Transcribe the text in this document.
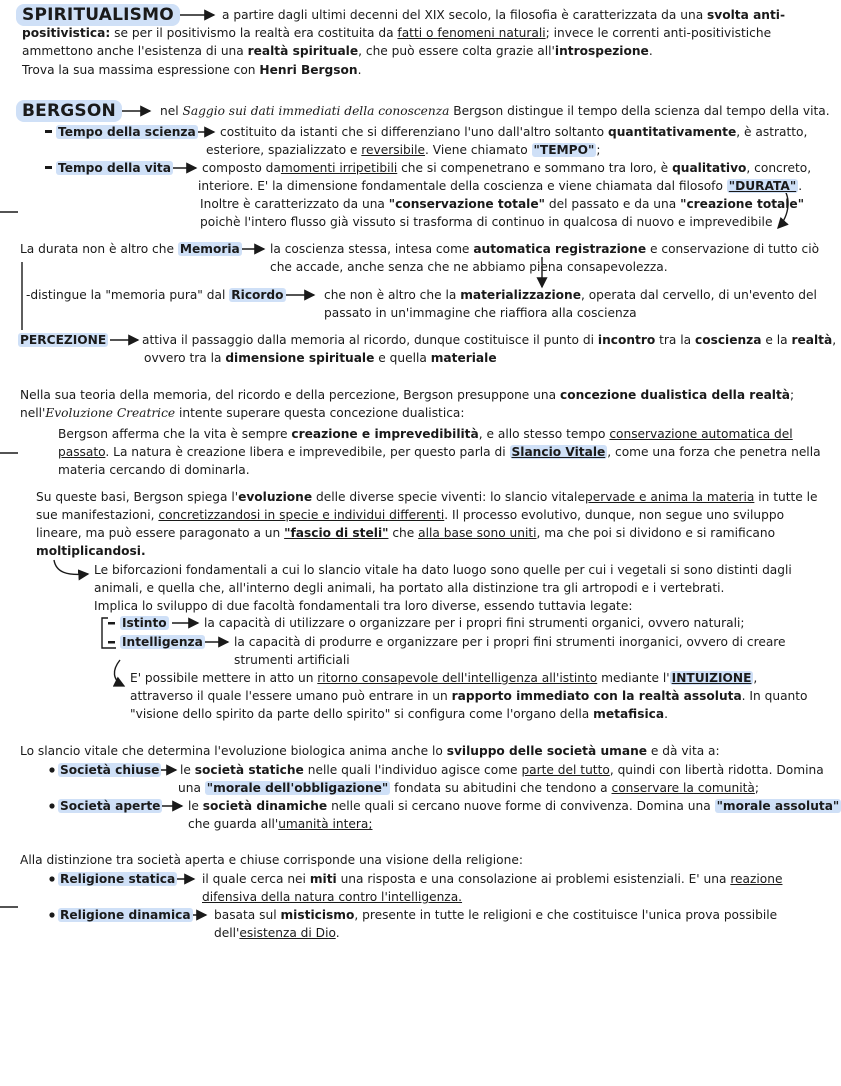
SPIRITUALISMO	a partire dagli ultimi decenni del XIX secolo, la filosofia è caratterizzata da una svolta anti-
positivistica: se per il positivismo la realtà era costituita da fatti o fenomeni naturali; invece le correnti anti-positivistiche
ammettono anche l'esistenza di una realtà spirituale, che può essere colta grazie all'introspezione.
Trova la sua massima espressione con Henri Bergson.
BERGSON	nel Saggio sui dati immediati della conoscenza Bergson distingue il tempo della scienza dal tempo della vita.
Tempo della scienza costituito da istanti che si differenziano l'uno dall'altro soltanto quantitativamente, è astratto,
esteriore, spazializzato e reversibile. Viene chiamato "TEMPO" ;
Tempo della vita	composto damomenti irripetibili che si compenetrano e sommano tra loro, è qualitativo, concreto,
interiore. E' la dimensione fondamentale della coscienza e viene chiamata dal filosofo "DURATA" .
Inoltre è caratterizzato da una "conservazione totale" del passato e da una "creazione totale"
poichè l'intero flusso già vissuto si trasforma di continuo in qualcosa di nuovo e imprevedibile
La durata non è altro che Memoria la coscienza stessa, intesa come automatica registrazione e conservazione di tutto ciò
che accade, anche senza che ne abbiamo piena consapevolezza.
-distingue la "memoria pura" dal Ricordo	che non è altro che la materializzazione, operata dal cervello, di un'evento del
passato in un'immagine che riaffiora alla coscienza
PERCEZIONE	attiva il passaggio dalla memoria al ricordo, dunque costituisce il punto di incontro tra la coscienza e la realtà,
ovvero tra la dimensione spirituale e quella materiale
Nella sua teoria della memoria, del ricordo e della percezione, Bergson presuppone una concezione dualistica della realtà;
nell'Evoluzione Creatrice intente superare questa concezione dualistica:
Bergson afferma che la vita è sempre creazione e imprevedibilità, e allo stesso tempo conservazione automatica del
passato. La natura è creazione libera e imprevedibile, per questo parla di Slancio Vitale , come una forza che penetra nella
materia cercando di dominarla.
Su queste basi, Bergson spiega l'evoluzione delle diverse specie viventi: lo slancio vitalepervade e anima la materia in tutte le
sue manifestazioni, concretizzandosi in specie e individui differenti. Il processo evolutivo, dunque, non segue uno sviluppo
lineare, ma può essere paragonato a un "fascio di steli" che alla base sono uniti, ma che poi si dividono e si ramificano
moltiplicandosi.
Le biforcazioni fondamentali a cui lo slancio vitale ha dato luogo sono quelle per cui i vegetali si sono distinti dagli
animali, e quella che, all'interno degli animali, ha portato alla distinzione tra gli artropodi e i vertebrati.
Implica lo sviluppo di due facoltà fondamentali tra loro diverse, essendo tuttavia legate:
Istinto	la capacità di utilizzare o organizzare per i propri fini strumenti organici, ovvero naturali;
Intelligenza	la capacità di produrre e organizzare per i propri fini strumenti inorganici, ovvero di creare
strumenti artificiali
E' possibile mettere in atto un ritorno consapevole dell'intelligenza all'istinto mediante l' INTUIZIONE ,
attraverso il quale l'essere umano può entrare in un rapporto immediato con la realtà assoluta. In quanto
"visione dello spirito da parte dello spirito" si configura come l'organo della metafisica.
Lo slancio vitale che determina l'evoluzione biologica anima anche lo sviluppo delle società umane e dà vita a:
Società chiuse le società statiche nelle quali l'individuo agisce come parte del tutto, quindi con libertà ridotta. Domina
una "morale dell'obbligazione" fondata su abitudini che tendono a conservare la comunità;
Società aperte le società dinamiche nelle quali si cercano nuove forme di convivenza. Domina una "morale assoluta"
che guarda all'umanità intera;
Alla distinzione tra società aperta e chiuse corrisponde una visione della religione:
Religione statica il quale cerca nei miti una risposta e una consolazione ai problemi esistenziali. E' una reazione
difensiva della natura contro l'intelligenza.
Religione dinamica basata sul misticismo, presente in tutte le religioni e che costituisce l'unica prova possibile
dell'esistenza di Dio.
